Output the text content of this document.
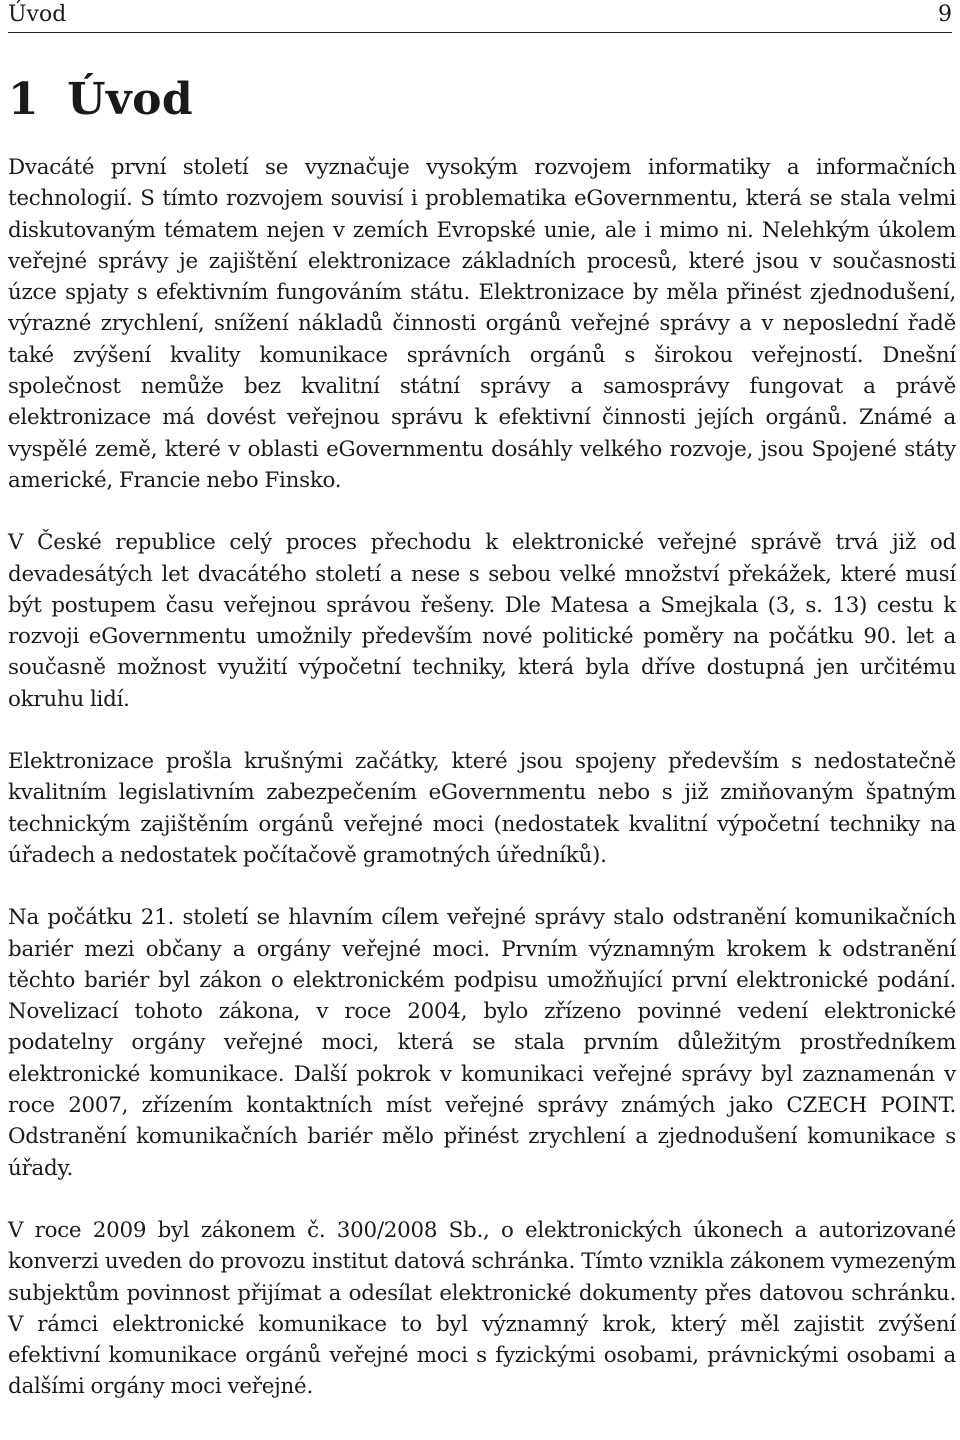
Úvod	9
1 Úvod

Dvacáté první století se vyznačuje vysokým rozvojem informatiky a informačních technologií. S tímto rozvojem souvisí i problematika eGovernmentu, která se stala velmi diskutovaným tématem nejen v zemích Evropské unie, ale i mimo ni. Nelehkým úkolem veřejné správy je zajištění elektronizace základních procesů, které jsou v současnosti úzce spjaty s efektivním fungováním státu. Elektronizace by měla přinést zjednodušení, výrazné zrychlení, snížení nákladů činnosti orgánů veřejné správy a v neposlední řadě také zvýšení kvality komunikace správních orgánů s širokou veřejností. Dnešní společnost nemůže bez kvalitní státní správy a samosprávy fungovat a právě elektronizace má dovést veřejnou správu k efektivní činnosti jejích orgánů. Známé a vyspělé země, které v oblasti eGovernmentu dosáhly velkého rozvoje, jsou Spojené státy americké, Francie nebo Finsko.

V České republice celý proces přechodu k elektronické veřejné správě trvá již od devadesátých let dvacátého století a nese s sebou velké množství překážek, které musí být postupem času veřejnou správou řešeny. Dle Matesa a Smejkala (3, s. 13) cestu k rozvoji eGovernmentu umožnily především nové politické poměry na počátku 90. let a současně možnost využití výpočetní techniky, která byla dříve dostupná jen určitému okruhu lidí.

Elektronizace prošla krušnými začátky, které jsou spojeny především s nedostatečně kvalitním legislativním zabezpečením eGovernmentu nebo s již zmiňovaným špatným technickým zajištěním orgánů veřejné moci (nedostatek kvalitní výpočetní techniky na úřadech a nedostatek počítačově gramotných úředníků).

Na počátku 21. století se hlavním cílem veřejné správy stalo odstranění komunikačních bariér mezi občany a orgány veřejné moci. Prvním významným krokem k odstranění těchto bariér byl zákon o elektronickém podpisu umožňující první elektronické podání. Novelizací tohoto zákona, v roce 2004, bylo zřízeno povinné vedení elektronické podatelny orgány veřejné moci, která se stala prvním důležitým prostředníkem elektronické komunikace. Další pokrok v komunikaci veřejné správy byl zaznamenán v roce 2007, zřízením kontaktních míst veřejné správy známých jako CZECH POINT. Odstranění komunikačních bariér mělo přinést zrychlení a zjednodušení komunikace s úřady.

V roce 2009 byl zákonem č. 300/2008 Sb., o elektronických úkonech a autorizované konverzi uveden do provozu institut datová schránka. Tímto vznikla zákonem vymezeným subjektům povinnost přijímat a odesílat elektronické dokumenty přes datovou schránku. V rámci elektronické komunikace to byl významný krok, který měl zajistit zvýšení efektivní komunikace orgánů veřejné moci s fyzickými osobami, právnickými osobami a dalšími orgány moci veřejné.
